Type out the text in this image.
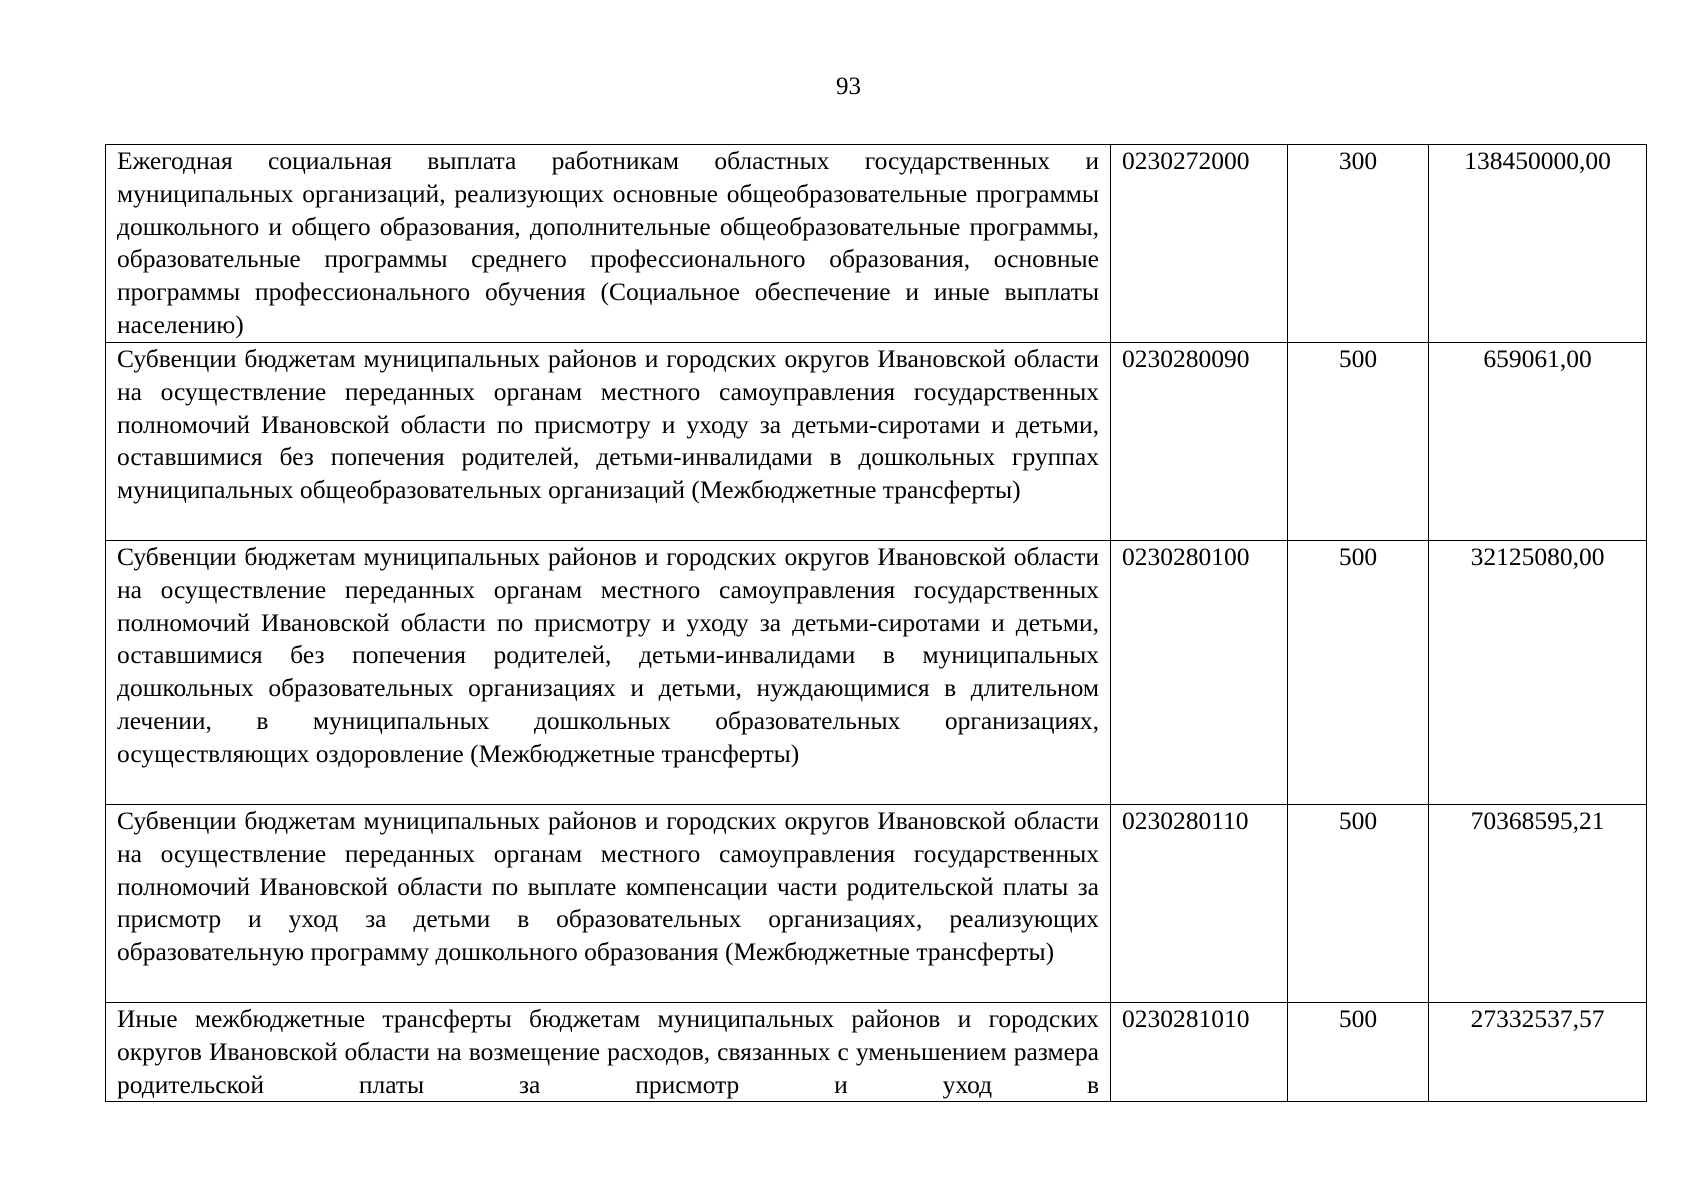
93
Ежегодная социальная выплата работникам областных государственных и муниципальных организаций, реализующих основные общеобразовательные программы дошкольного и общего образования, дополнительные общеобразовательные программы, образовательные программы среднего профессионального образования, основные программы профессионального обучения (Социальное обеспечение и иные выплаты населению)	0230272000	300	138450000,00
Субвенции бюджетам муниципальных районов и городских округов Ивановской области на осуществление переданных органам местного самоуправления государственных полномочий Ивановской области по присмотру и уходу за детьми-сиротами и детьми, оставшимися без попечения родителей, детьми-инвалидами в дошкольных группах муниципальных общеобразовательных организаций (Межбюджетные трансферты)	0230280090	500	659061,00
Субвенции бюджетам муниципальных районов и городских округов Ивановской области на осуществление переданных органам местного самоуправления государственных полномочий Ивановской области по присмотру и уходу за детьми-сиротами и детьми, оставшимися без попечения родителей, детьми-инвалидами в муниципальных дошкольных образовательных организациях и детьми, нуждающимися в длительном лечении, в муниципальных дошкольных образовательных организациях, осуществляющих оздоровление (Межбюджетные трансферты)	0230280100	500	32125080,00
Субвенции бюджетам муниципальных районов и городских округов Ивановской области на осуществление переданных органам местного самоуправления государственных полномочий Ивановской области по выплате компенсации части родительской платы за присмотр и уход за детьми в образовательных организациях, реализующих образовательную программу дошкольного образования (Межбюджетные трансферты)	0230280110	500	70368595,21
Иные межбюджетные трансферты бюджетам муниципальных районов и городских округов Ивановской области на возмещение расходов, связанных с уменьшением размера родительской платы за присмотр и уход в	0230281010	500	27332537,57
